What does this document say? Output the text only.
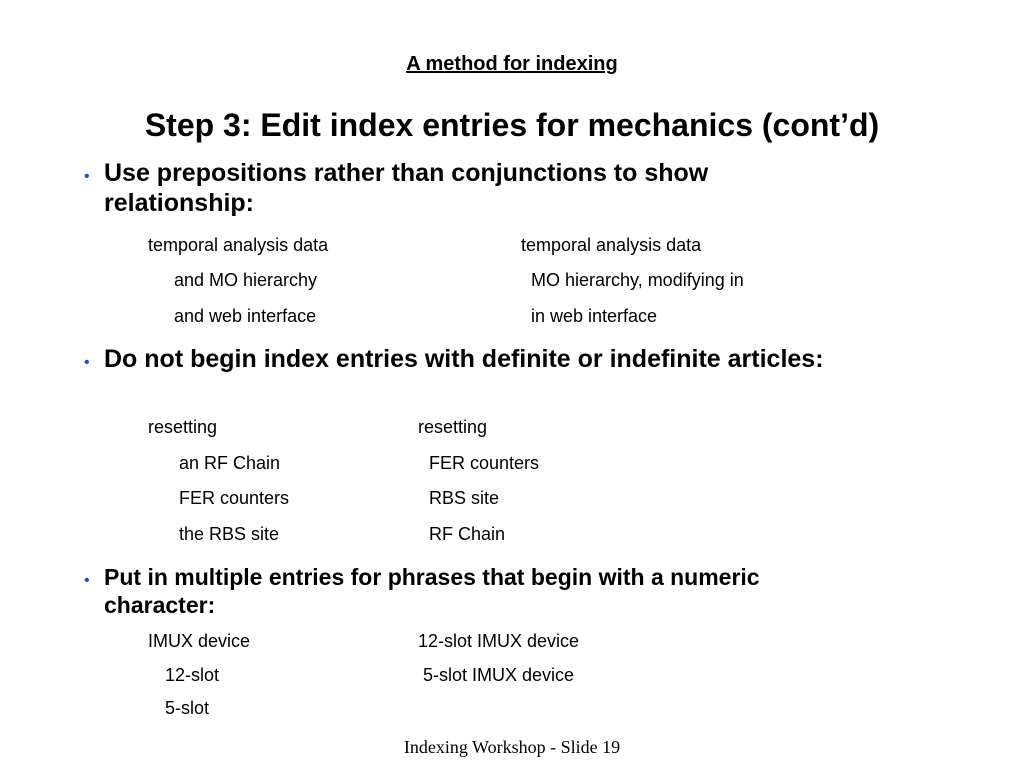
A method for indexing
Step 3: Edit index entries for mechanics (cont’d)
• Use prepositions rather than conjunctions to show relationship:
temporal analysis data
and MO hierarchy
and web interface
temporal analysis data
MO hierarchy, modifying in
in web interface
• Do not begin index entries with definite or indefinite articles:
resetting
an RF Chain
FER counters
the RBS site
resetting
FER counters
RBS site
RF Chain
• Put in multiple entries for phrases that begin with a numeric character:
IMUX device
12-slot
5-slot
12-slot IMUX device
5-slot IMUX device
Indexing Workshop - Slide 19
